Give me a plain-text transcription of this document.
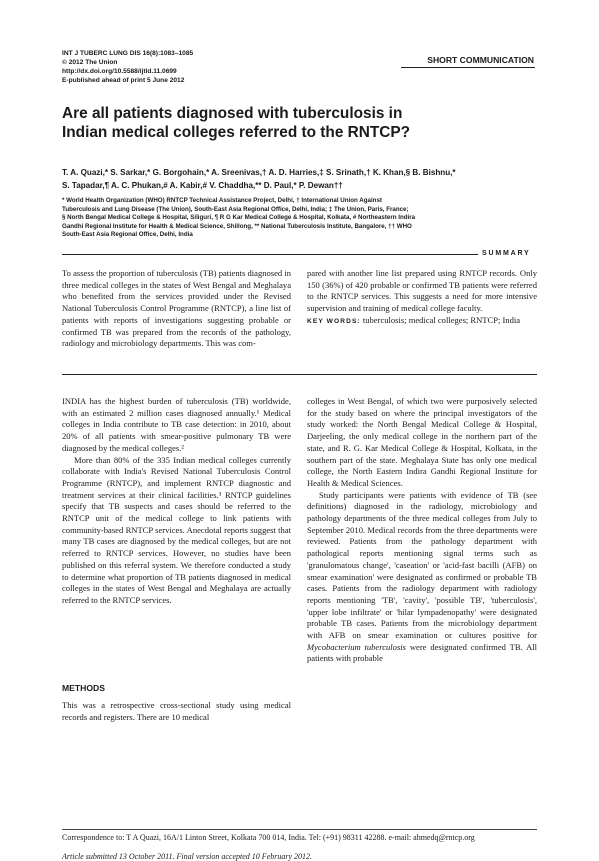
INT J TUBERC LUNG DIS 16(8):1083–1085
© 2012 The Union
http://dx.doi.org/10.5588/ijtld.11.0699
E-published ahead of print 5 June 2012
SHORT COMMUNICATION
Are all patients diagnosed with tuberculosis in
Indian medical colleges referred to the RNTCP?
T. A. Quazi,* S. Sarkar,* G. Borgohain,* A. Sreenivas,† A. D. Harries,‡ S. Srinath,† K. Khan,§ B. Bishnu,*
S. Tapadar,¶ A. C. Phukan,# A. Kabir,# V. Chaddha,** D. Paul,* P. Dewan††
* World Health Organization (WHO) RNTCP Technical Assistance Project, Delhi, † International Union Against
Tuberculosis and Lung Disease (The Union), South-East Asia Regional Office, Delhi, India; ‡ The Union, Paris, France;
§ North Bengal Medical College & Hospital, Siliguri, ¶ R G Kar Medical College & Hospital, Kolkata, # Northeastern Indira
Gandhi Regional Institute for Health & Medical Science, Shillong, ** National Tuberculosis Institute, Bangalore, †† WHO
South-East Asia Regional Office, Delhi, India
SUMMARY

To assess the proportion of tuberculosis (TB) patients diagnosed in three medical colleges in the states of West Bengal and Meghalaya who benefited from the services provided under the Revised National Tuberculosis Control Programme (RNTCP), a line list of patients with reports of investigations suggesting probable or confirmed TB was prepared from the records of the pathology, radiology and microbiology departments. This was com-

pared with another line list prepared using RNTCP records. Only 150 (36%) of 420 probable or confirmed TB patients were referred to the RNTCP services. This suggests a need for more intensive supervision and training of medical college faculty.

KEY WORDS: tuberculosis; medical colleges; RNTCP; India

INDIA has the highest burden of tuberculosis (TB) worldwide, with an estimated 2 million cases diagnosed annually.¹ Medical colleges in India contribute to TB case detection: in 2010, about 20% of all patients with smear-positive pulmonary TB were diagnosed by the medical colleges.²

More than 80% of the 335 Indian medical colleges currently collaborate with India's Revised National Tuberculosis Control Programme (RNTCP), and implement RNTCP diagnostic and treatment services at their clinical facilities.³ RNTCP guidelines specify that TB suspects and cases should be referred to the RNTCP unit of the medical college to link patients with community-based RNTCP services. Anecdotal reports suggest that many TB cases are diagnosed by the medical colleges, but are not referred to RNTCP services. However, no studies have been published on this referral system. We therefore conducted a study to determine what proportion of TB patients diagnosed in medical colleges in the states of West Bengal and Meghalaya are actually referred to the RNTCP services.

METHODS

This was a retrospective cross-sectional study using medical records and registers. There are 10 medical

colleges in West Bengal, of which two were purposively selected for the study based on where the principal investigators of the study worked: the North Bengal Medical College & Hospital, Darjeeling, the only medical college in the northern part of the state, and R. G. Kar Medical College & Hospital, Kolkata, in the southern part of the state. Meghalaya State has only one medical college, the North Eastern Indira Gandhi Regional Institute for Health & Medical Sciences.

Study participants were patients with evidence of TB (see definitions) diagnosed in the radiology, microbiology and pathology departments of the three medical colleges from July to September 2010. Medical records from the three departments were reviewed. Patients from the pathology department with pathological reports mentioning signal terms such as 'granulomatous change', 'caseation' or 'acid-fast bacilli (AFB) on smear examination' were designated as confirmed or probable TB cases. Patients from the radiology department with radiology reports mentioning 'TB', 'cavity', 'possible TB', 'tuberculosis', 'upper lobe infiltrate' or 'hilar lympadenopathy' were designated probable TB cases. Patients from the microbiology department with AFB on smear examination or cultures positive for Mycobacterium tuberculosis were designated confirmed TB. All patients with probable

Correspondence to: T A Quazi, 16A/1 Linton Street, Kolkata 700 014, India. Tel: (+91) 98311 42288. e-mail: ahmedq@rntcp.org
Article submitted 13 October 2011. Final version accepted 10 February 2012.
